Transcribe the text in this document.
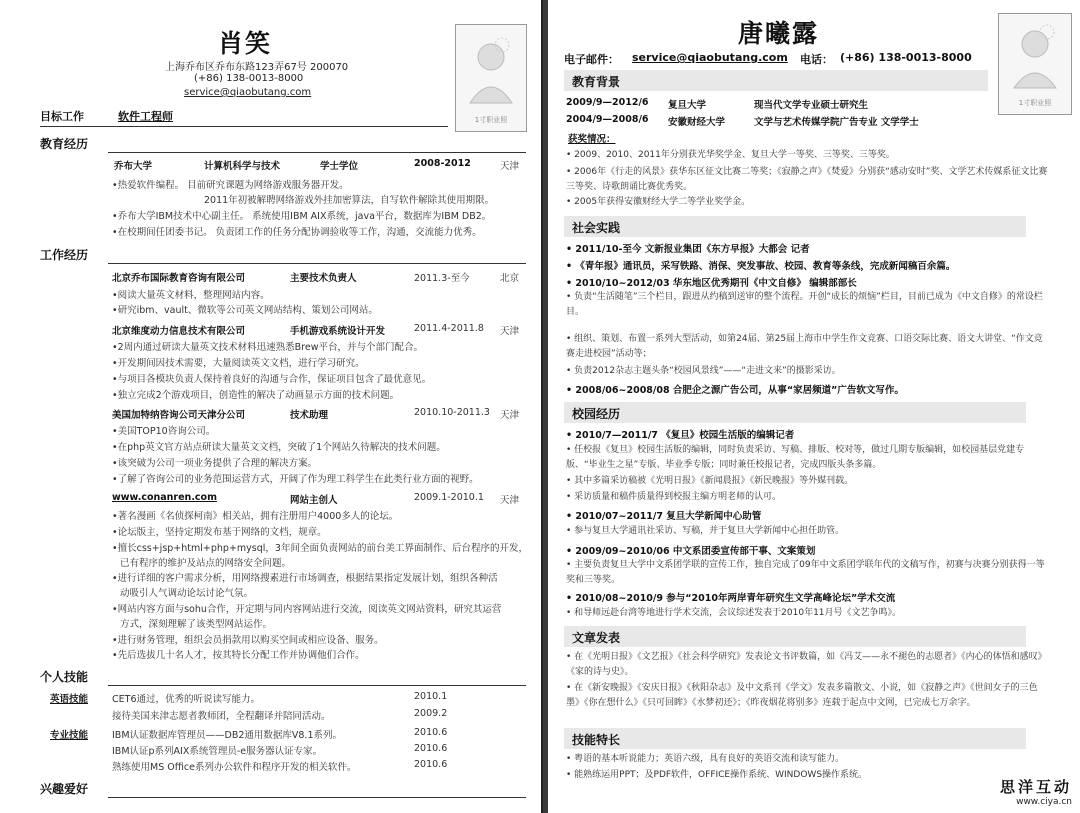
肖笑
上海乔布区乔布东路123弄67号 200070
(+86) 138-0013-8000
service@qiaobutang.com
1寸职业照
目标工作	软件工程师
教育经历
乔布大学	计算机科学与技术	学士学位	2008-2012	天津
•热爱软件编程。 目前研究课题为网络游戏服务器开发。
2011年初被解聘网络游戏外挂加密算法，自写软件解除其使用期限。
•乔布大学IBM技术中心副主任。 系统使用IBM AIX系统，java平台，数据库为IBM DB2。
•在校期间任团委书记。 负责团工作的任务分配协调验收等工作，沟通，交流能力优秀。
工作经历
北京乔布国际教育咨询有限公司	主要技术负责人	2011.3-至今	北京
•阅读大量英文材料，整理网站内容。
•研究ibm、vault、微软等公司英文网站结构、策划公司网站。
北京维度动力信息技术有限公司	手机游戏系统设计开发	2011.4-2011.8 天津
•2周内通过研读大量英文技术材料迅速熟悉Brew平台，并与个部门配合。
•开发期间因技术需要，大量阅读英文文档，进行学习研究。
•与项目各模块负责人保持着良好的沟通与合作，保证项目包含了最优意见。
•独立完成2个游戏项目，创造性的解决了动画显示方面的技术问题。
美国加特纳咨询公司天津分公司	技术助理	2010.10-2011.3 天津
•美国TOP10咨询公司。
•在php英文官方站点研读大量英文文档，突破了1个网站久待解决的技术问题。
•该突破为公司一项业务提供了合理的解决方案。
•了解了咨询公司的业务范围运营方式，开阔了作为理工科学生在此类行业方面的视野。
www.conanren.com	网站主创人	2009.1-2010.1 天津
•著名漫画《名侦探柯南》相关站，拥有注册用户4000多人的论坛。
•论坛版主，坚持定期发布基于网络的文档，规章。
•擅长css+jsp+html+php+mysql，3年间全面负责网站的前台美工界面制作、后台程序的开发，
已有程序的维护及站点的网络安全问题。
•进行详细的客户需求分析，用网络搜素进行市场调查，根据结果指定发展计划，组织各种活
动吸引人气调动论坛讨论气氛。
•网站内容方面与sohu合作，开定期与同内容网站进行交流，阅读英文网站资料，研究其运营
方式，深刻理解了该类型网站运作。
•进行财务管理，组织会员捐款用以购买空间或相应设备、服务。
•先后选拔几十名人才，按其特长分配工作并协调他们合作。
个人技能
英语技能	CET6通过，优秀的听说读写能力。	2010.1
接待美国来津志愿者教师团，全程翻译并陪同活动。	2009.2
专业技能	IBM认证数据库管理员——DB2通用数据库V8.1系列。	2010.6
IBM认证p系列AIX系统管理员-e服务器认证专家。	2010.6
熟练使用MS Office系列办公软件和程序开发的相关软件。	2010.6
兴趣爱好
唐曦露
电子邮件： service@qiaobutang.com 电话： (+86) 138-0013-8000
1寸职业照
教育背景
2009/9—2012/6 复旦大学	现当代文学专业硕士研究生
2004/9—2008/6 安徽财经大学	文学与艺术传媒学院广告专业 文学学士
获奖情况：
• 2009、2010、2011年分别获光华奖学金、复旦大学一等奖、三等奖、三等奖。
• 2006年《行走的风景》获华东区征文比赛二等奖；《寂静之声》《焚爱》分别获“感动安时”奖、文学艺术传媒系征文比赛三等奖、诗歌朗诵比赛优秀奖。
• 2005年获得安徽财经大学二等学业奖学金。
社会实践
• 2011/10-至今 文新报业集团《东方早报》大都会 记者
• 《青年报》通讯员，采写铁路、消保、突发事故、校园、教育等条线，完成新闻稿百余篇。
• 2010/10~2012/03 华东地区优秀期刊《中文自修》 编辑部部长
• 负责“生活随笔”三个栏目，跟进从约稿到送审的整个流程。开创“成长的烦恼”栏目，目前已成为《中文自修》的常设栏目。
• 组织、策划、布置一系列大型活动，如第24届、第25届上海市中学生作文竞赛、口语交际比赛、语文大讲堂、“作文竞赛走进校园”活动等；
• 负责2012杂志主题头条“校园风景线”——“走进文来”的摄影采访。
• 2008/06~2008/08 合肥企之源广告公司，从事“家居频道”广告软文写作。
校园经历
• 2010/7—2011/7 《复旦》校园生活版的编辑记者
• 任校报《复旦》校园生活版的编辑，同时负责采访、写稿、排版、校对等，做过几期专版编辑，如校园基层党建专版、“毕业生之星”专版、毕业季专版；同时兼任校报记者，完成四版头条多篇。
• 其中多篇采访稿被《光明日报》《新闻晨报》《新民晚报》等外媒刊载。
• 采访质量和稿件质量得到校报主编方明老师的认可。
• 2010/07~2011/7 复旦大学新闻中心助管
• 参与复旦大学通讯社采访、写稿，并于复旦大学新闻中心担任助管。
• 2009/09~2010/06 中文系团委宣传部干事、文案策划
• 主要负责复旦大学中文系团学联的宣传工作，独自完成了09年中文系团学联年代的文稿写作，初赛与决赛分别获得一等奖和三等奖。
• 2010/08~2010/9 参与“2010年两岸青年研究生文学高峰论坛”学术交流
• 和导师远赴台湾等地进行学术交流，会议综述发表于2010年11月号《文艺争鸣》。
文章发表
• 在《光明日报》《文艺报》《社会科学研究》发表论文书评数篇，如《冯艾——永不褪色的志愿者》《内心的体悟和感叹》《家的诗与史》。
• 在《新安晚报》《安庆日报》《秋阳杂志》及中文系刊《学文》发表多篇散文、小说，如《寂静之声》《世间女子的三色墨》《你在想什么》《只可回眸》《水梦初还》；《昨夜烟花将别多》连载于起点中文网，已完成七万余字。
技能特长
• 粤语的基本听说能力；英语六级，具有良好的英语交流和读写能力。
• 能熟练运用PPT；及PDF软件，OFFICE操作系统、WINDOWS操作系统。
思洋互动
www.ciya.cn
